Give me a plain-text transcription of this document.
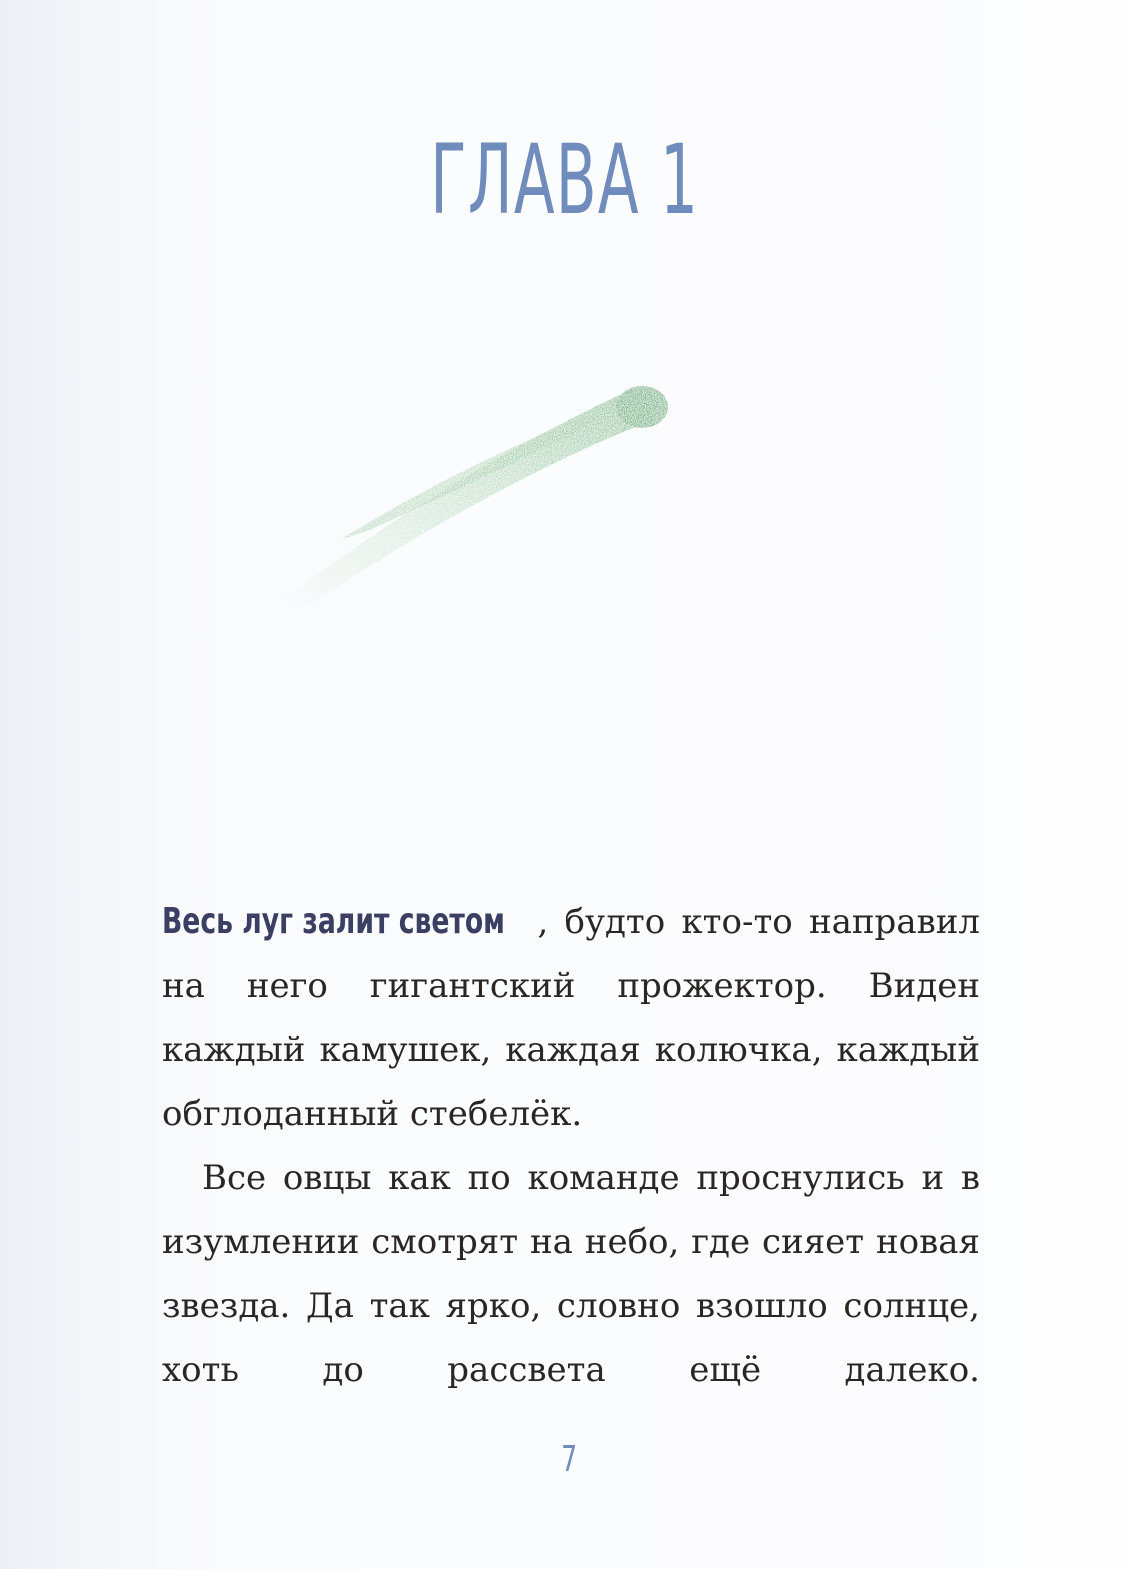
ГЛАВА 1

Весь луг залит светом , будто кто-то направил на него гигантский прожектор. Виден каждый камушек, каждая колючка, каждый обглоданный стебелёк.

Все овцы как по команде проснулись и в изумлении смотрят на небо, где сияет новая звезда. Да так ярко, словно взошло солнце, хоть до рассвета ещё далеко.

7
